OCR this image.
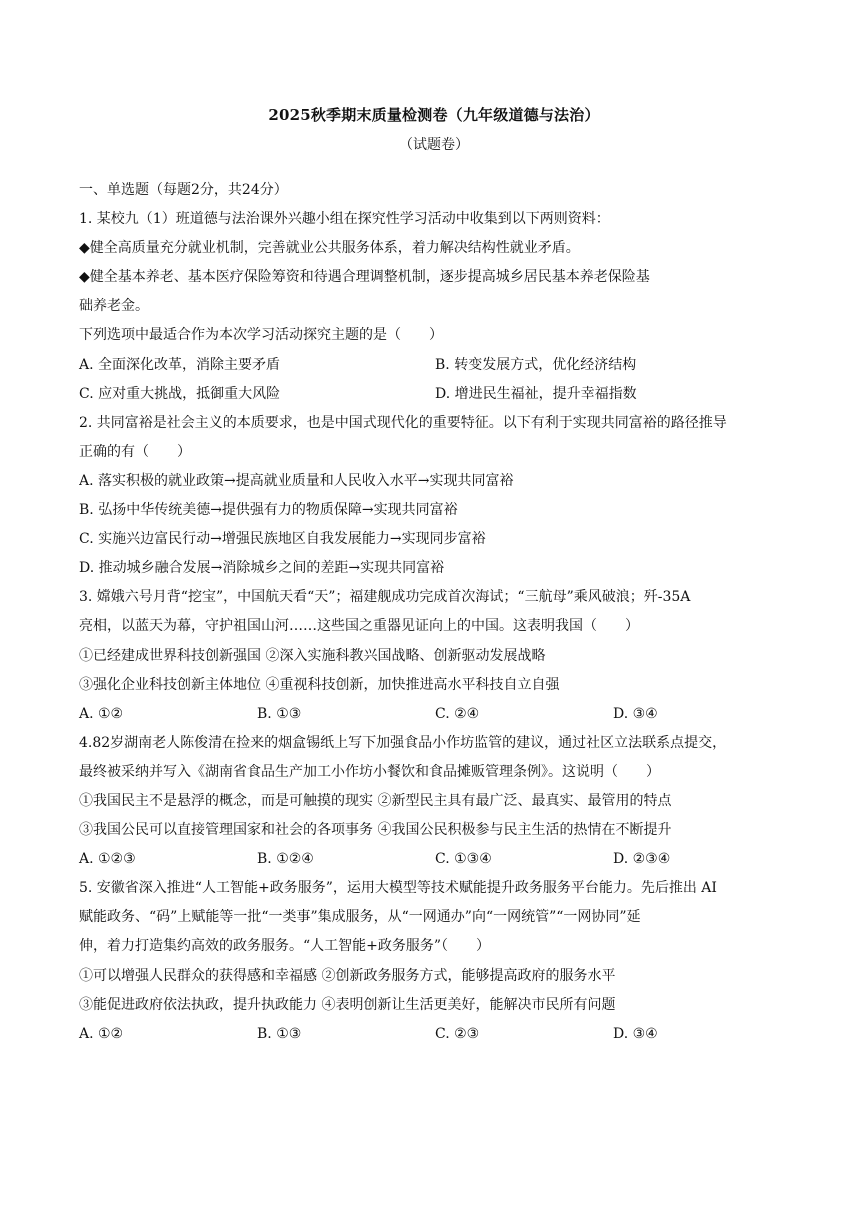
2025秋季期末质量检测卷（九年级道德与法治）
（试题卷）
一、单选题（每题2分，共24分）
1. 某校九（1）班道德与法治课外兴趣小组在探究性学习活动中收集到以下两则资料：
◆健全高质量充分就业机制，完善就业公共服务体系，着力解决结构性就业矛盾。
◆健全基本养老、基本医疗保险筹资和待遇合理调整机制，逐步提高城乡居民基本养老保险基
础养老金。
下列选项中最适合作为本次学习活动探究主题的是（　　）
A. 全面深化改革，消除主要矛盾	B. 转变发展方式，优化经济结构
C. 应对重大挑战，抵御重大风险	D. 增进民生福祉，提升幸福指数
2. 共同富裕是社会主义的本质要求，也是中国式现代化的重要特征。以下有利于实现共同富裕的路径推导
正确的有（　　）
A. 落实积极的就业政策→提高就业质量和人民收入水平→实现共同富裕
B. 弘扬中华传统美德→提供强有力的物质保障→实现共同富裕
C. 实施兴边富民行动→增强民族地区自我发展能力→实现同步富裕
D. 推动城乡融合发展→消除城乡之间的差距→实现共同富裕
3. 嫦娥六号月背“挖宝”，中国航天看“天”；福建舰成功完成首次海试；“三航母”乘风破浪；歼-35A
亮相，以蓝天为幕，守护祖国山河……这些国之重器见证向上的中国。这表明我国（　　）
①已经建成世界科技创新强国 ②深入实施科教兴国战略、创新驱动发展战略
③强化企业科技创新主体地位 ④重视科技创新，加快推进高水平科技自立自强
A. ①②	B. ①③	C. ②④	D. ③④
4.82岁湖南老人陈俊清在捡来的烟盒锡纸上写下加强食品小作坊监管的建议，通过社区立法联系点提交，
最终被采纳并写入《湖南省食品生产加工小作坊小餐饮和食品摊贩管理条例》。这说明（　　）
①我国民主不是悬浮的概念，而是可触摸的现实 ②新型民主具有最广泛、最真实、最管用的特点
③我国公民可以直接管理国家和社会的各项事务 ④我国公民积极参与民主生活的热情在不断提升
A. ①②③	B. ①②④	C. ①③④	D. ②③④
5. 安徽省深入推进“人工智能+政务服务”，运用大模型等技术赋能提升政务服务平台能力。先后推出 AI
赋能政务、“码”上赋能等一批“一类事”集成服务，从“一网通办”向“一网统管”“一网协同”延
伸，着力打造集约高效的政务服务。“人工智能+政务服务”（　　）
①可以增强人民群众的获得感和幸福感 ②创新政务服务方式，能够提高政府的服务水平
③能促进政府依法执政，提升执政能力 ④表明创新让生活更美好，能解决市民所有问题
A. ①②	B. ①③	C. ②③	D. ③④
